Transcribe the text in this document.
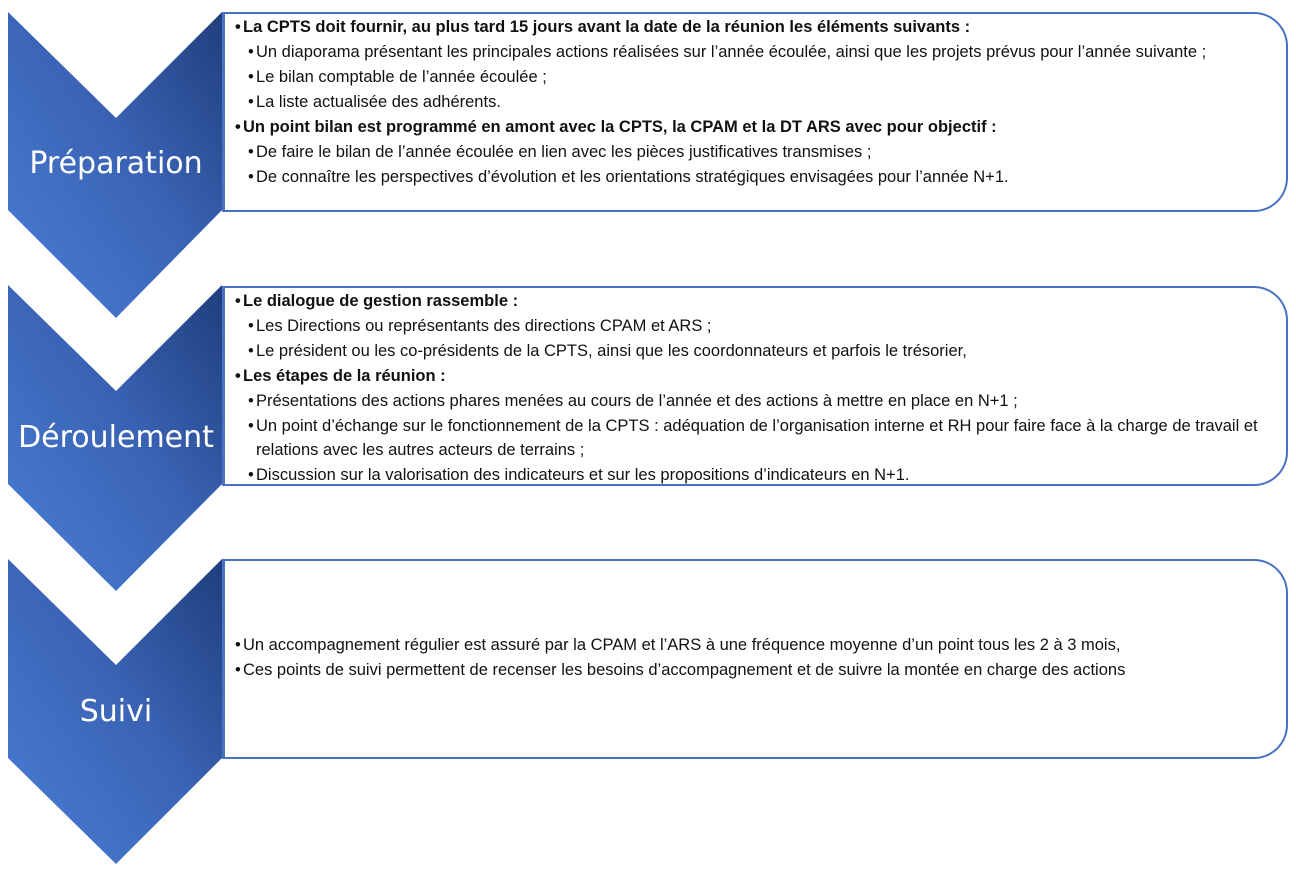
Préparation
Déroulement
Suivi
• La CPTS doit fournir, au plus tard 15 jours avant la date de la réunion les éléments suivants :
• Un diaporama présentant les principales actions réalisées sur l’année écoulée, ainsi que les projets prévus pour l’année suivante ;
• Le bilan comptable de l’année écoulée ;
• La liste actualisée des adhérents.
• Un point bilan est programmé en amont avec la CPTS, la CPAM et la DT ARS avec pour objectif :
• De faire le bilan de l’année écoulée en lien avec les pièces justificatives transmises ;
• De connaître les perspectives d’évolution et les orientations stratégiques envisagées pour l’année N+1.
• Le dialogue de gestion rassemble :
• Les Directions ou représentants des directions CPAM et ARS ;
• Le président ou les co-présidents de la CPTS, ainsi que les coordonnateurs et parfois le trésorier,
• Les étapes de la réunion :
• Présentations des actions phares menées au cours de l’année et des actions à mettre en place en N+1 ;
• Un point d’échange sur le fonctionnement de la CPTS : adéquation de l’organisation interne et RH pour faire face à la charge de travail et relations avec les autres acteurs de terrains ;
• Discussion sur la valorisation des indicateurs et sur les propositions d’indicateurs en N+1.
• Un accompagnement régulier est assuré par la CPAM et l’ARS à une fréquence moyenne d’un point tous les 2 à 3 mois,
• Ces points de suivi permettent de recenser les besoins d’accompagnement et de suivre la montée en charge des actions
